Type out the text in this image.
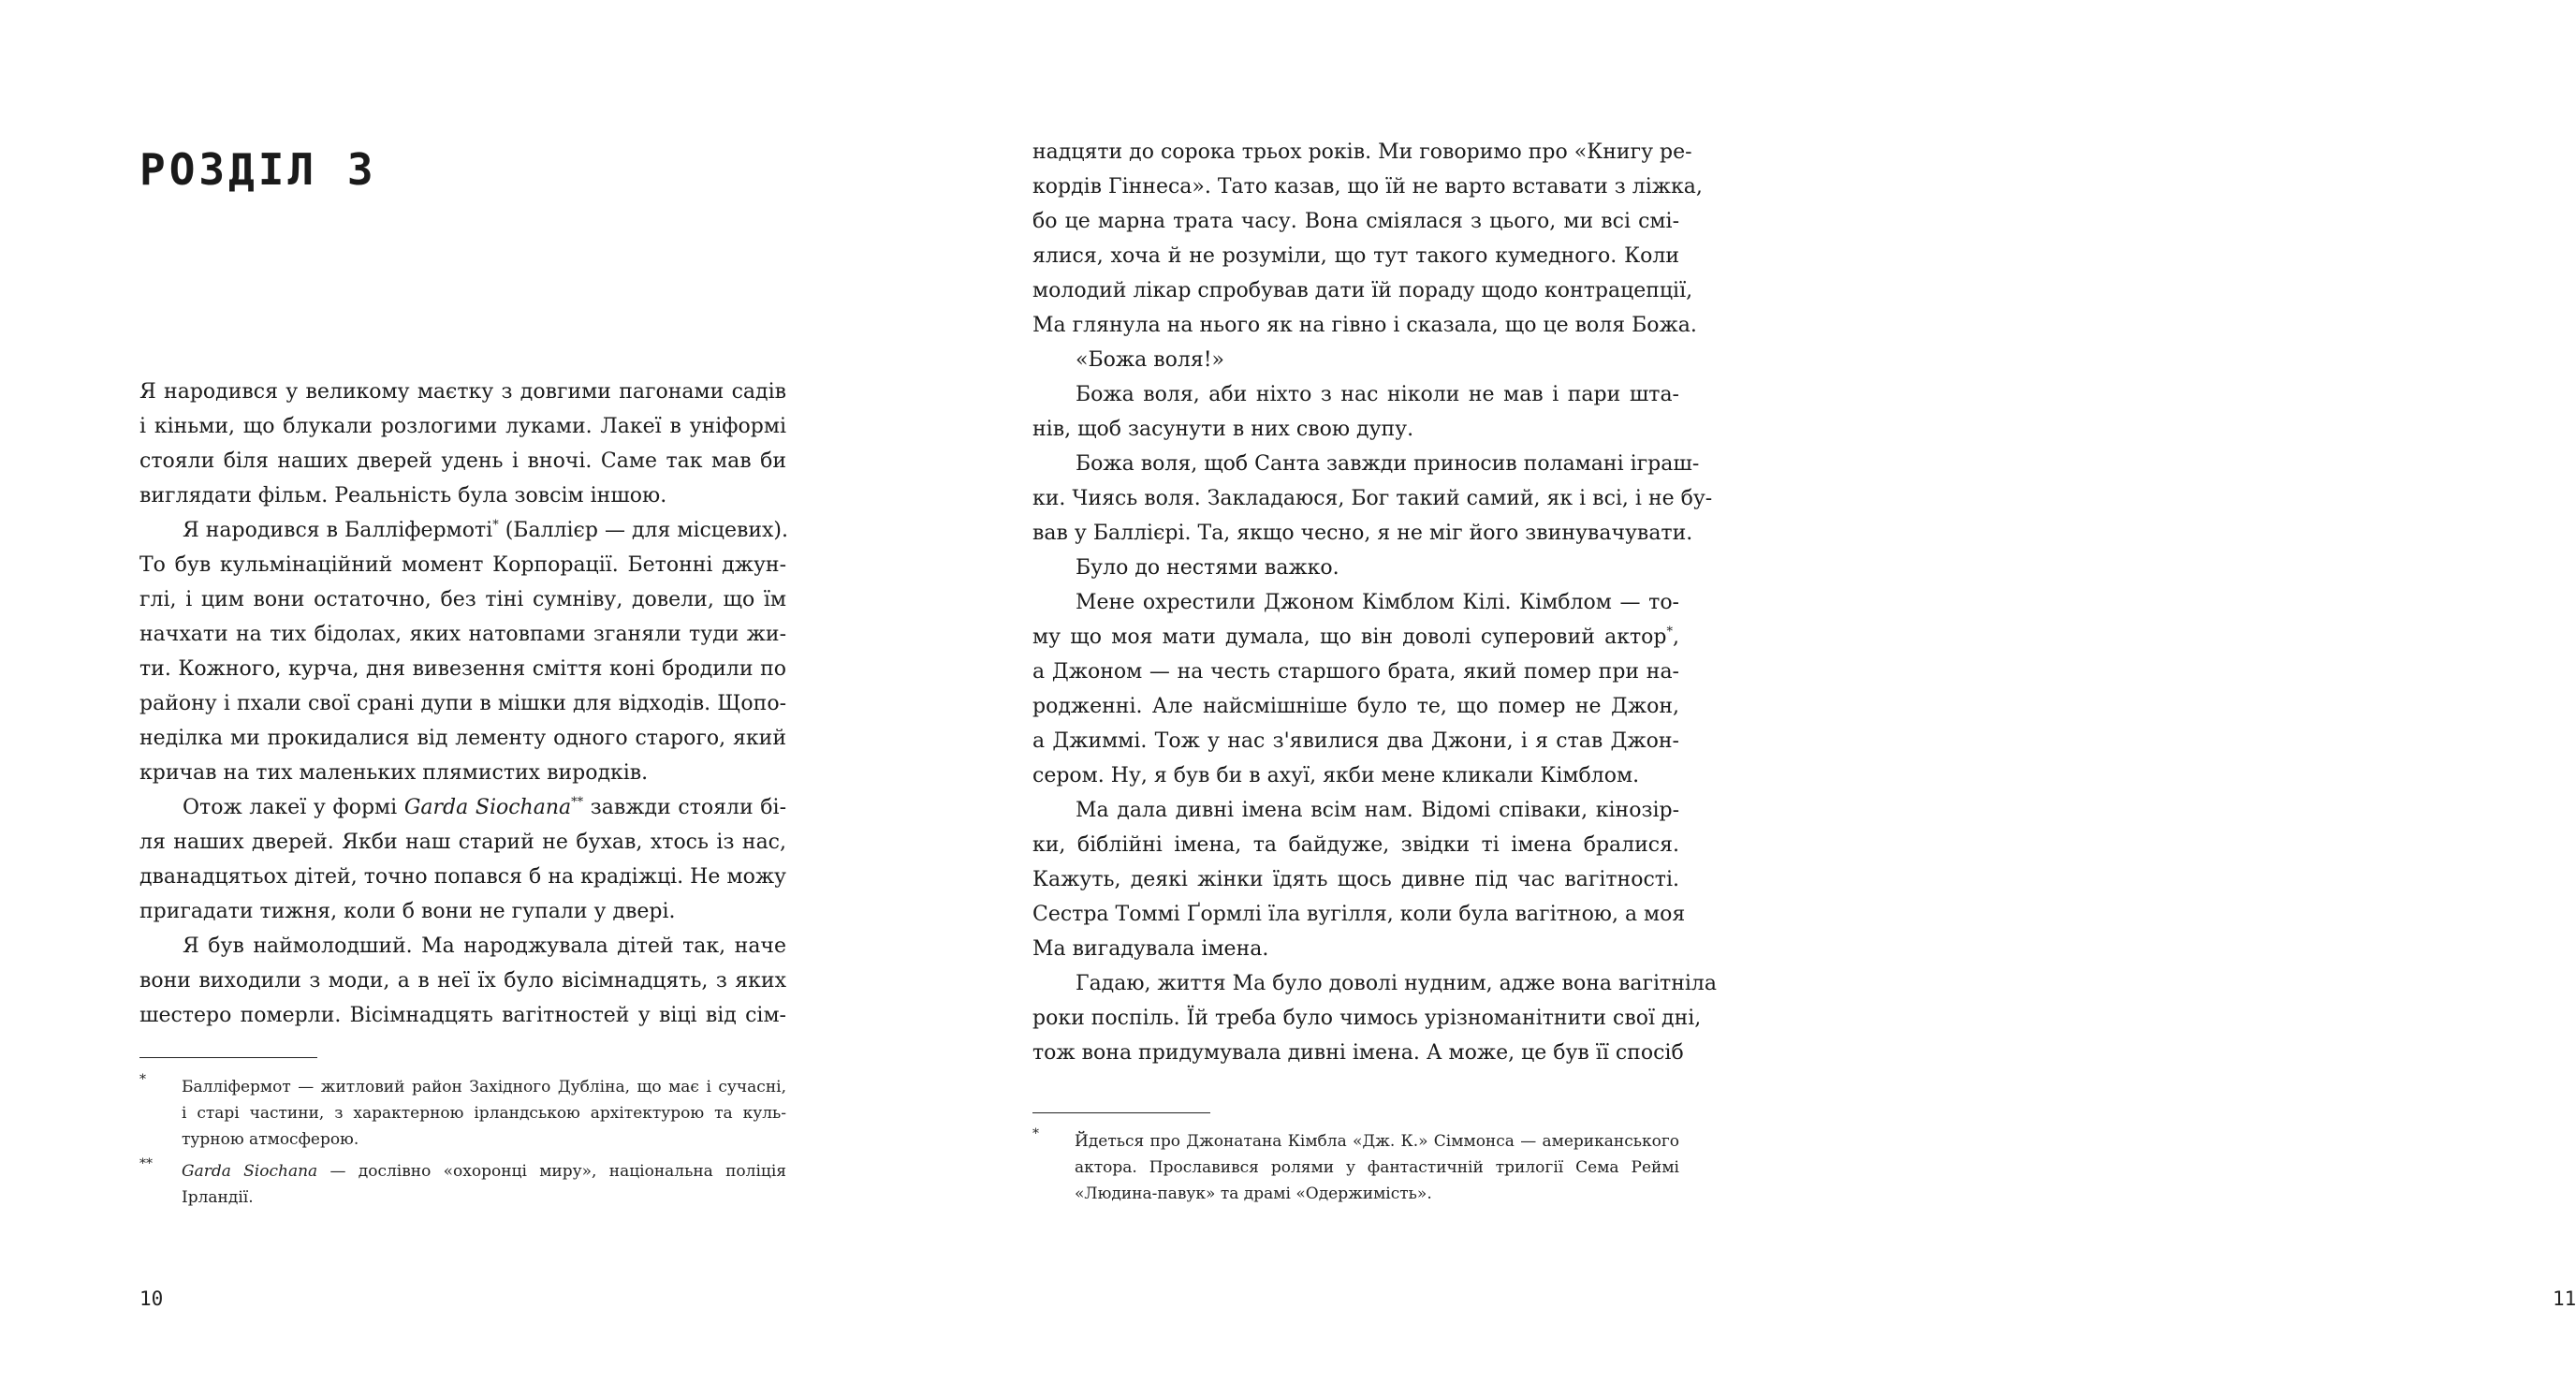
РОЗДІЛ 3
Я народився у великому маєтку з довгими пагонами садів
і кіньми, що блукали розлогими луками. Лакеї в уніформі
стояли біля наших дверей удень і вночі. Саме так мав би
виглядати фільм. Реальність була зовсім іншою.
Я народився в Балліфермоті* (Баллієр — для місцевих).
То був кульмінаційний момент Корпорації. Бетонні джун-
глі, і цим вони остаточно, без тіні сумніву, довели, що їм
начхати на тих бідолах, яких натовпами зганяли туди жи-
ти. Кожного, курча, дня вивезення сміття коні бродили по
району і пхали свої срані дупи в мішки для відходів. Щопо-
неділка ми прокидалися від лементу одного старого, який
кричав на тих маленьких плямистих виродків.
Отож лакеї у формі Garda Siochana** завжди стояли бі-
ля наших дверей. Якби наш старий не бухав, хтось із нас,
дванадцятьох дітей, точно попався б на крадіжці. Не можу
пригадати тижня, коли б вони не гупали у двері.
Я був наймолодший. Ма народжувала дітей так, наче
вони виходили з моди, а в неї їх було вісімнадцять, з яких
шестеро померли. Вісімнадцять вагітностей у віці від сім-
* Балліфермот — житловий район Західного Дубліна, що має і сучасні,
і старі частини, з характерною ірландською архітектурою та куль-
турною атмосферою.
** Garda Siochana — дослівно «охоронці миру», національна поліція
Ірландії.
10
надцяти до сорока трьох років. Ми говоримо про «Книгу ре-
кордів Гіннеса». Тато казав, що їй не варто вставати з ліжка,
бо це марна трата часу. Вона сміялася з цього, ми всі смі-
ялися, хоча й не розуміли, що тут такого кумедного. Коли
молодий лікар спробував дати їй пораду щодо контрацепції,
Ма глянула на нього як на гівно і сказала, що це воля Божа.
«Божа воля!»
Божа воля, аби ніхто з нас ніколи не мав і пари шта-
нів, щоб засунути в них свою дупу.
Божа воля, щоб Санта завжди приносив поламані іграш-
ки. Чиясь воля. Закладаюся, Бог такий самий, як і всі, і не бу-
вав у Баллієрі. Та, якщо чесно, я не міг його звинувачувати.
Було до нестями важко.
Мене охрестили Джоном Кімблом Кілі. Кімблом — то-
му що моя мати думала, що він доволі суперовий актор*,
а Джоном — на честь старшого брата, який помер при на-
родженні. Але найсмішніше було те, що помер не Джон,
а Джиммі. Тож у нас з'явилися два Джони, і я став Джон-
сером. Ну, я був би в ахуї, якби мене кликали Кімблом.
Ма дала дивні імена всім нам. Відомі співаки, кінозір-
ки, біблійні імена, та байдуже, звідки ті імена бралися.
Кажуть, деякі жінки їдять щось дивне під час вагітності.
Сестра Томмі Ґормлі їла вугілля, коли була вагітною, а моя
Ма вигадувала імена.
Гадаю, життя Ма було доволі нудним, адже вона вагітніла
роки поспіль. Їй треба було чимось урізноманітнити свої дні,
тож вона придумувала дивні імена. А може, це був її спосіб
* Йдеться про Джонатана Кімбла «Дж. К.» Сіммонса — американського
актора. Прославився ролями у фантастичній трилогії Сема Реймі
«Людина-павук» та драмі «Одержимість».
11
